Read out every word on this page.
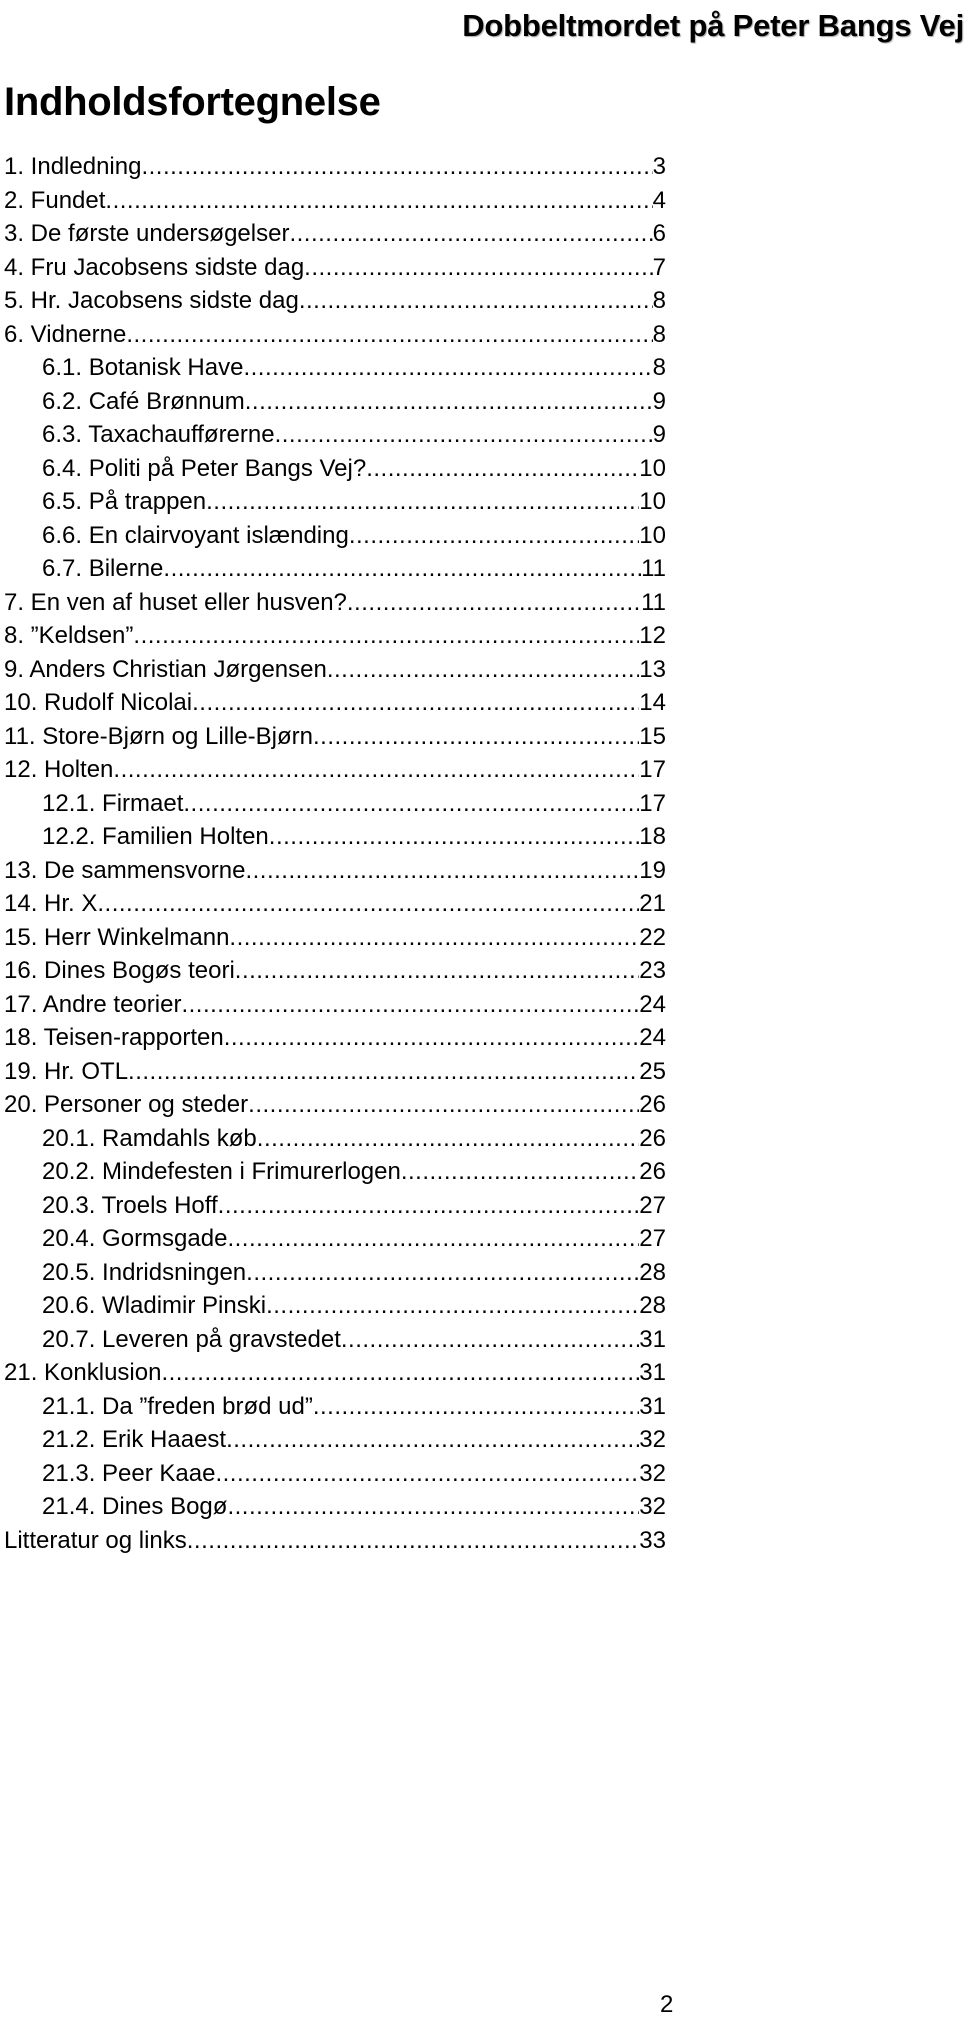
Dobbeltmordet på Peter Bangs Vej
Indholdsfortegnelse
1. Indledning .....	3
2. Fundet .....	4
3. De første undersøgelser .....	6
4. Fru Jacobsens sidste dag .....	7
5. Hr. Jacobsens sidste dag .....	8
6. Vidnerne .....	8
6.1. Botanisk Have .....	8
6.2. Café Brønnum .....	9
6.3. Taxachaufførerne .....	9
6.4. Politi på Peter Bangs Vej? .....	10
6.5. På trappen .....	10
6.6. En clairvoyant islænding .....	10
6.7. Bilerne .....	11
7. En ven af huset eller husven? .....	11
8. ”Keldsen” .....	12
9. Anders Christian Jørgensen .....	13
10. Rudolf Nicolai .....	14
11. Store-Bjørn og Lille-Bjørn .....	15
12. Holten .....	17
12.1. Firmaet .....	17
12.2. Familien Holten .....	18
13. De sammensvorne .....	19
14. Hr. X .....	21
15. Herr Winkelmann .....	22
16. Dines Bogøs teori .....	23
17. Andre teorier .....	24
18. Teisen-rapporten .....	24
19. Hr. OTL .....	25
20. Personer og steder .....	26
20.1. Ramdahls køb .....	26
20.2. Mindefesten i Frimurerlogen .....	26
20.3. Troels Hoff .....	27
20.4. Gormsgade .....	27
20.5. Indridsningen .....	28
20.6. Wladimir Pinski .....	28
20.7. Leveren på gravstedet .....	31
21. Konklusion .....	31
21.1. Da ”freden brød ud” .....	31
21.2. Erik Haaest .....	32
21.3. Peer Kaae .....	32
21.4. Dines Bogø .....	32
Litteratur og links .....	33
2
